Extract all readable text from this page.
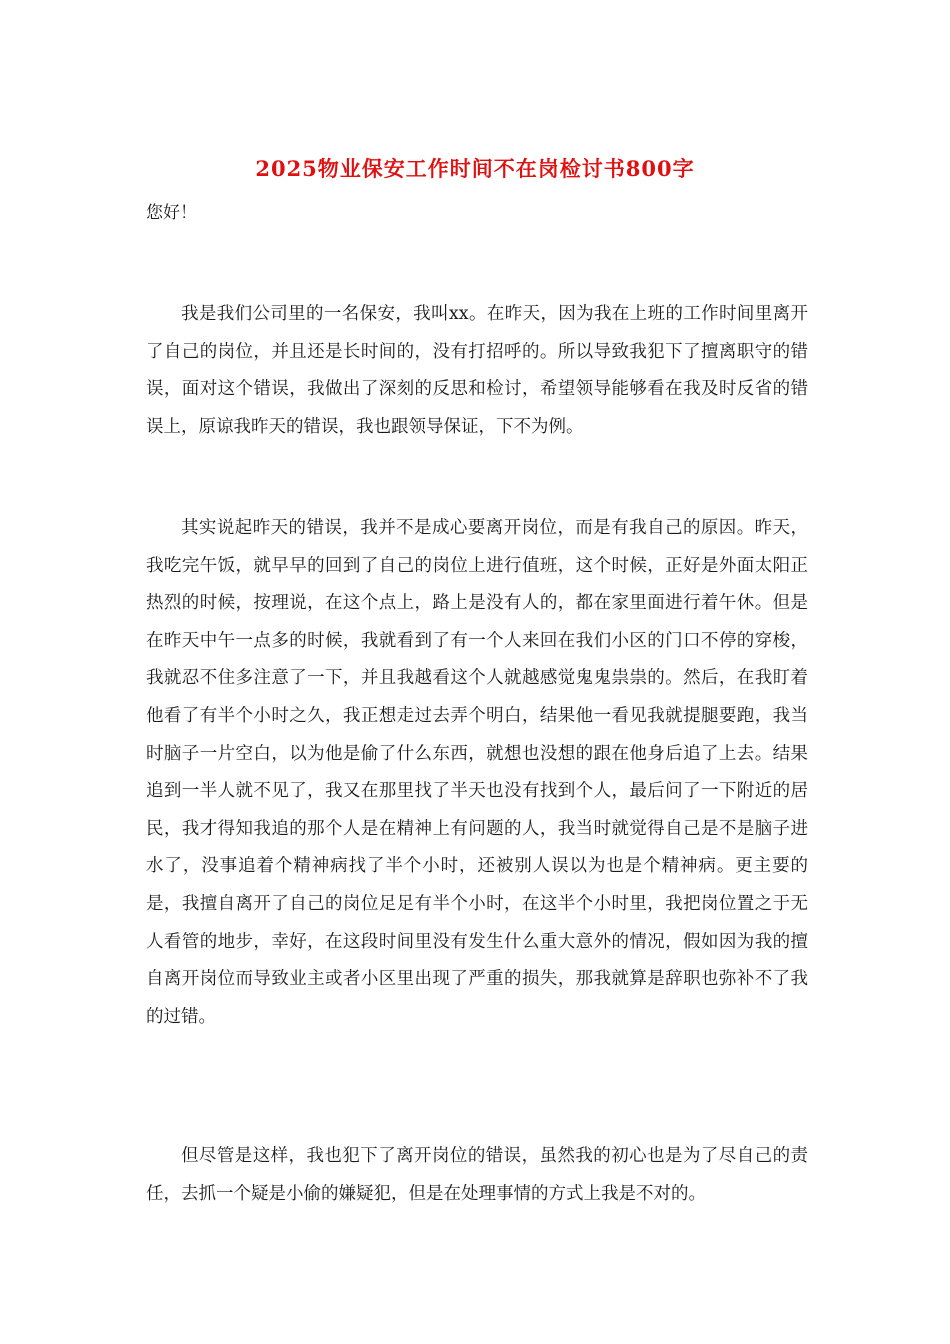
2025物业保安工作时间不在岗检讨书800字

您好！

我是我们公司里的一名保安，我叫xx。在昨天，因为我在上班的工作时间里离开了自己的岗位，并且还是长时间的，没有打招呼的。所以导致我犯下了擅离职守的错误，面对这个错误，我做出了深刻的反思和检讨，希望领导能够看在我及时反省的错误上，原谅我昨天的错误，我也跟领导保证，下不为例。

其实说起昨天的错误，我并不是成心要离开岗位，而是有我自己的原因。昨天，我吃完午饭，就早早的回到了自己的岗位上进行值班，这个时候，正好是外面太阳正热烈的时候，按理说，在这个点上，路上是没有人的，都在家里面进行着午休。但是在昨天中午一点多的时候，我就看到了有一个人来回在我们小区的门口不停的穿梭，我就忍不住多注意了一下，并且我越看这个人就越感觉鬼鬼祟祟的。然后，在我盯着他看了有半个小时之久，我正想走过去弄个明白，结果他一看见我就提腿要跑，我当时脑子一片空白，以为他是偷了什么东西，就想也没想的跟在他身后追了上去。结果追到一半人就不见了，我又在那里找了半天也没有找到个人，最后问了一下附近的居民，我才得知我追的那个人是在精神上有问题的人，我当时就觉得自己是不是脑子进水了，没事追着个精神病找了半个小时，还被别人误以为也是个精神病。更主要的是，我擅自离开了自己的岗位足足有半个小时，在这半个小时里，我把岗位置之于无人看管的地步，幸好，在这段时间里没有发生什么重大意外的情况，假如因为我的擅自离开岗位而导致业主或者小区里出现了严重的损失，那我就算是辞职也弥补不了我的过错。

但尽管是这样，我也犯下了离开岗位的错误，虽然我的初心也是为了尽自己的责任，去抓一个疑是小偷的嫌疑犯，但是在处理事情的方式上我是不对的。
